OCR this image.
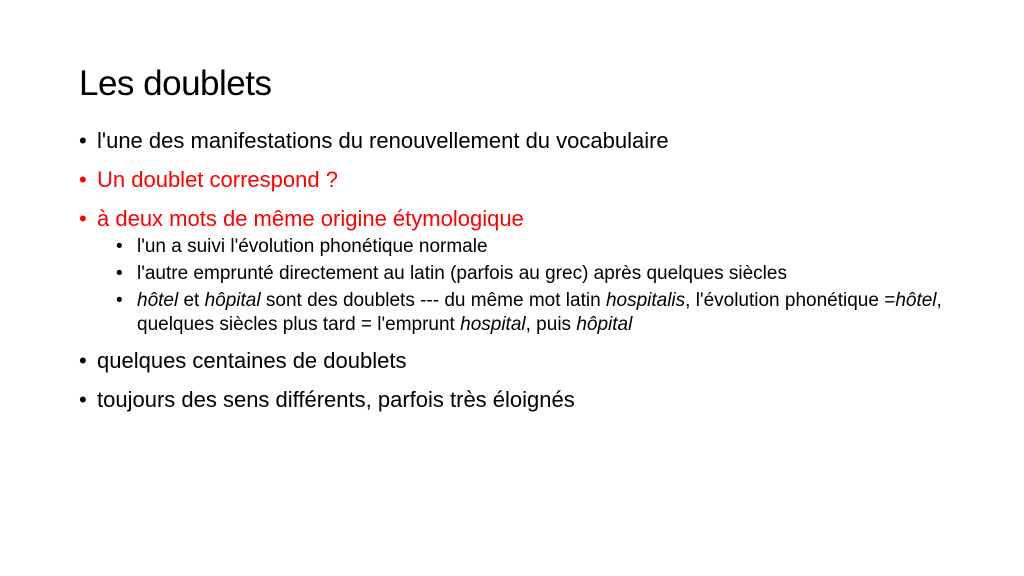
Les doublets
• l'une des manifestations du renouvellement du vocabulaire
• Un doublet correspond ?
• à deux mots de même origine étymologique
• l'un a suivi l'évolution phonétique normale
• l'autre emprunté directement au latin (parfois au grec) après quelques siècles
• hôtel et hôpital sont des doublets --- du même mot latin hospitalis, l'évolution phonétique =hôtel, quelques siècles plus tard = l'emprunt hospital, puis hôpital
• quelques centaines de doublets
• toujours des sens différents, parfois très éloignés
